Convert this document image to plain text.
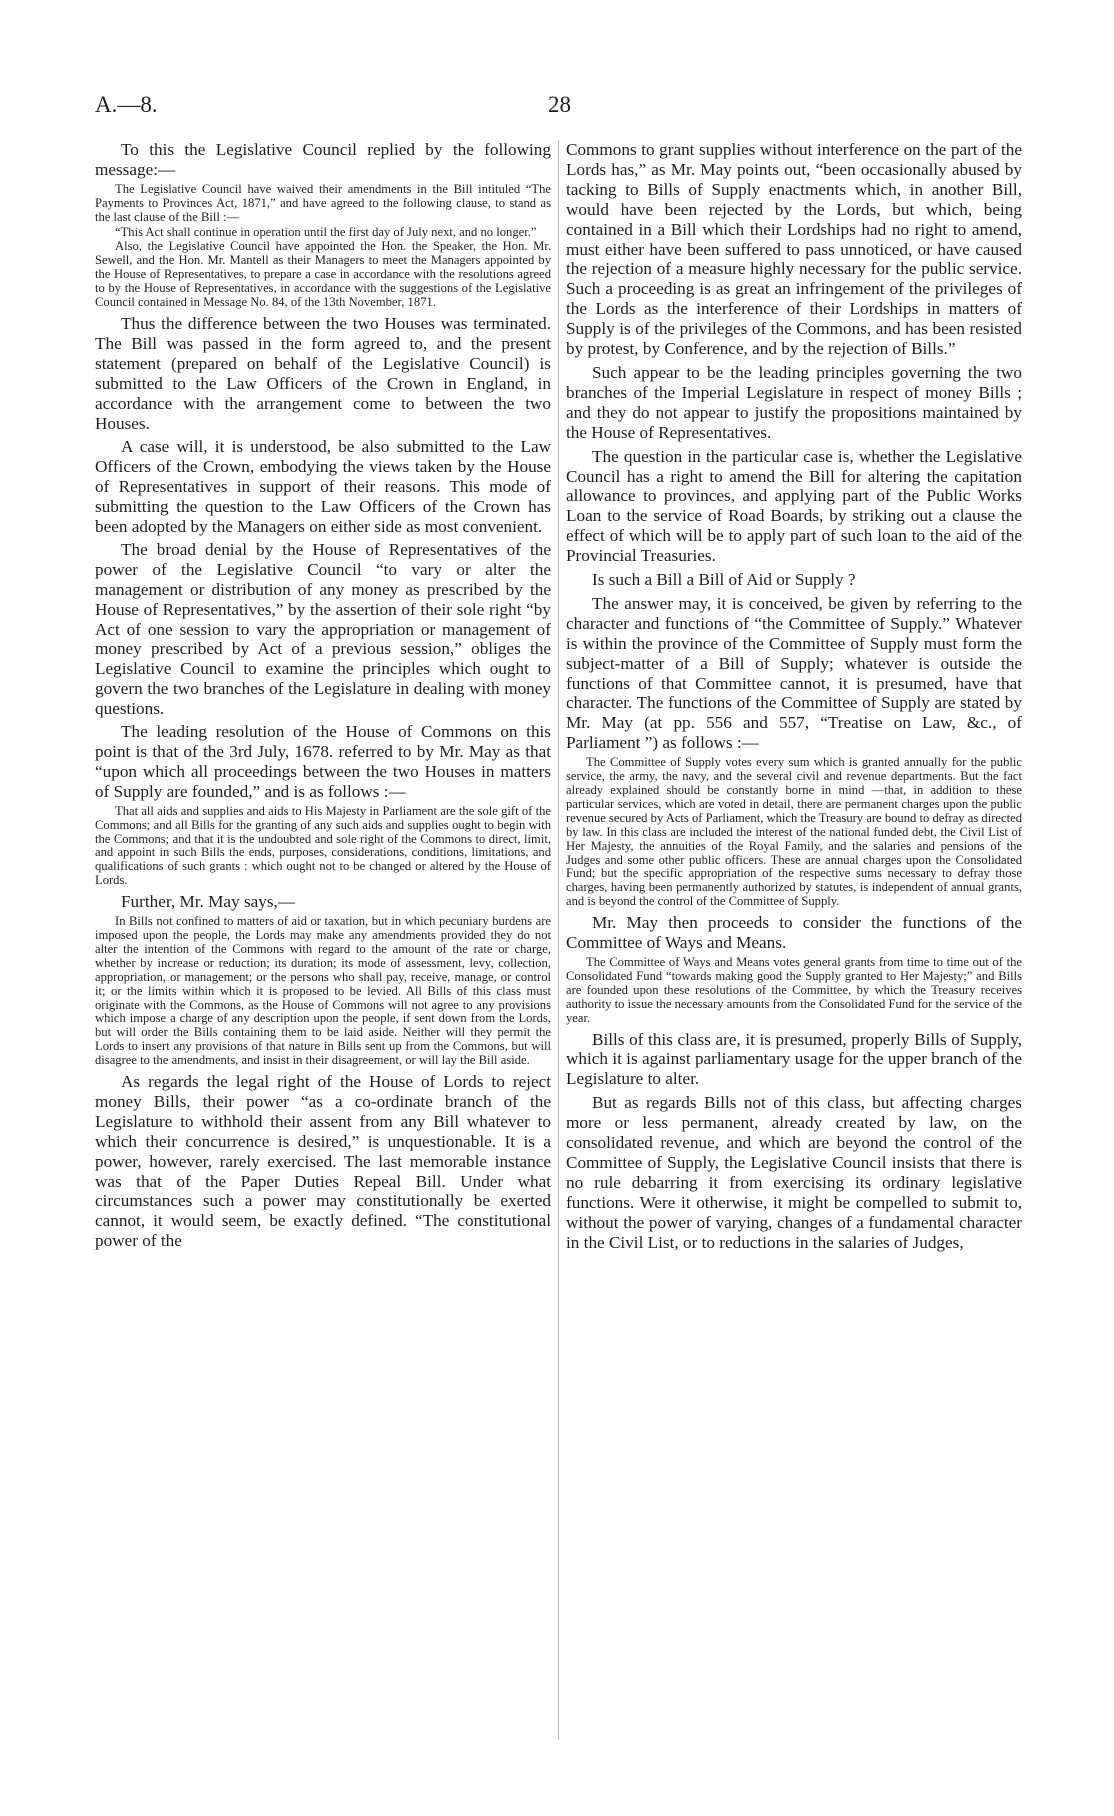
A.—8.	28

To this the Legislative Council replied by the following message:—

The Legislative Council have waived their amendments in the Bill intituled “The Payments to Provinces Act, 1871,” and have agreed to the following clause, to stand as the last clause of the Bill :—

“This Act shall continue in operation until the first day of July next, and no longer.”

Also, the Legislative Council have appointed the Hon. the Speaker, the Hon. Mr. Sewell, and the Hon. Mr. Mantell as their Managers to meet the Managers appointed by the House of Representatives, to prepare a case in accordance with the resolutions agreed to by the House of Representatives, in accordance with the suggestions of the Legislative Council contained in Message No. 84, of the 13th November, 1871.

Thus the difference between the two Houses was terminated. The Bill was passed in the form agreed to, and the present statement (prepared on behalf of the Legislative Council) is submitted to the Law Officers of the Crown in England, in accordance with the arrangement come to between the two Houses.

A case will, it is understood, be also submitted to the Law Officers of the Crown, embodying the views taken by the House of Representatives in support of their reasons. This mode of submitting the question to the Law Officers of the Crown has been adopted by the Managers on either side as most convenient.

The broad denial by the House of Representatives of the power of the Legislative Council “to vary or alter the management or distribution of any money as prescribed by the House of Representatives,” by the assertion of their sole right “by Act of one session to vary the appropriation or management of money prescribed by Act of a previous session,” obliges the Legislative Council to examine the principles which ought to govern the two branches of the Legislature in dealing with money questions.

The leading resolution of the House of Commons on this point is that of the 3rd July, 1678. referred to by Mr. May as that “upon which all proceedings between the two Houses in matters of Supply are founded,” and is as follows :—

That all aids and supplies and aids to His Majesty in Parliament are the sole gift of the Commons; and all Bills for the granting of any such aids and supplies ought to begin with the Commons; and that it is the undoubted and sole right of the Commons to direct, limit, and appoint in such Bills the ends, purposes, considerations, conditions, limitations, and qualifications of such grants : which ought not to be changed or altered by the House of Lords.

Further, Mr. May says,—

In Bills not confined to matters of aid or taxation, but in which pecuniary burdens are imposed upon the people, the Lords may make any amendments provided they do not alter the intention of the Commons with regard to the amount of the rate or charge, whether by increase or reduction; its duration; its mode of assessment, levy, collection, appropriation, or management; or the persons who shall pay, receive, manage, or control it; or the limits within which it is proposed to be levied. All Bills of this class must originate with the Commons, as the House of Commons will not agree to any provisions which impose a charge of any description upon the people, if sent down from the Lords, but will order the Bills containing them to be laid aside. Neither will they permit the Lords to insert any provisions of that nature in Bills sent up from the Commons, but will disagree to the amendments, and insist in their disagreement, or will lay the Bill aside.

As regards the legal right of the House of Lords to reject money Bills, their power “as a co-ordinate branch of the Legislature to withhold their assent from any Bill whatever to which their concurrence is desired,” is unquestionable. It is a power, however, rarely exercised. The last memorable instance was that of the Paper Duties Repeal Bill. Under what circumstances such a power may constitutionally be exerted cannot, it would seem, be exactly defined. “The constitutional power of the

Commons to grant supplies without interference on the part of the Lords has,” as Mr. May points out, “been occasionally abused by tacking to Bills of Supply enactments which, in another Bill, would have been rejected by the Lords, but which, being contained in a Bill which their Lordships had no right to amend, must either have been suffered to pass unnoticed, or have caused the rejection of a measure highly necessary for the public service. Such a proceeding is as great an infringement of the privileges of the Lords as the interference of their Lordships in matters of Supply is of the privileges of the Commons, and has been resisted by protest, by Conference, and by the rejection of Bills.”

Such appear to be the leading principles governing the two branches of the Imperial Legislature in respect of money Bills ; and they do not appear to justify the propositions maintained by the House of Representatives.

The question in the particular case is, whether the Legislative Council has a right to amend the Bill for altering the capitation allowance to provinces, and applying part of the Public Works Loan to the service of Road Boards, by striking out a clause the effect of which will be to apply part of such loan to the aid of the Provincial Treasuries.

Is such a Bill a Bill of Aid or Supply ?

The answer may, it is conceived, be given by referring to the character and functions of “the Committee of Supply.” Whatever is within the province of the Committee of Supply must form the subject-matter of a Bill of Supply; whatever is outside the functions of that Committee cannot, it is presumed, have that character. The functions of the Committee of Supply are stated by Mr. May (at pp. 556 and 557, “Treatise on Law, &c., of Parliament ”) as follows :—

The Committee of Supply votes every sum which is granted annually for the public service, the army, the navy, and the several civil and revenue departments. But the fact already explained should be constantly borne in mind —that, in addition to these particular services, which are voted in detail, there are permanent charges upon the public revenue secured by Acts of Parliament, which the Treasury are bound to defray as directed by law. In this class are included the interest of the national funded debt, the Civil List of Her Majesty, the annuities of the Royal Family, and the salaries and pensions of the Judges and some other public officers. These are annual charges upon the Consolidated Fund; but the specific appropriation of the respective sums necessary to defray those charges, having been permanently authorized by statutes, is independent of annual grants, and is beyond the control of the Committee of Supply.

Mr. May then proceeds to consider the functions of the Committee of Ways and Means.

The Committee of Ways and Means votes general grants from time to time out of the Consolidated Fund “towards making good the Supply granted to Her Majesty;” and Bills are founded upon these resolutions of the Committee, by which the Treasury receives authority to issue the necessary amounts from the Consolidated Fund for the service of the year.

Bills of this class are, it is presumed, properly Bills of Supply, which it is against parliamentary usage for the upper branch of the Legislature to alter.

But as regards Bills not of this class, but affecting charges more or less permanent, already created by law, on the consolidated revenue, and which are beyond the control of the Committee of Supply, the Legislative Council insists that there is no rule debarring it from exercising its ordinary legislative functions. Were it otherwise, it might be compelled to submit to, without the power of varying, changes of a fundamental character in the Civil List, or to reductions in the salaries of Judges,
